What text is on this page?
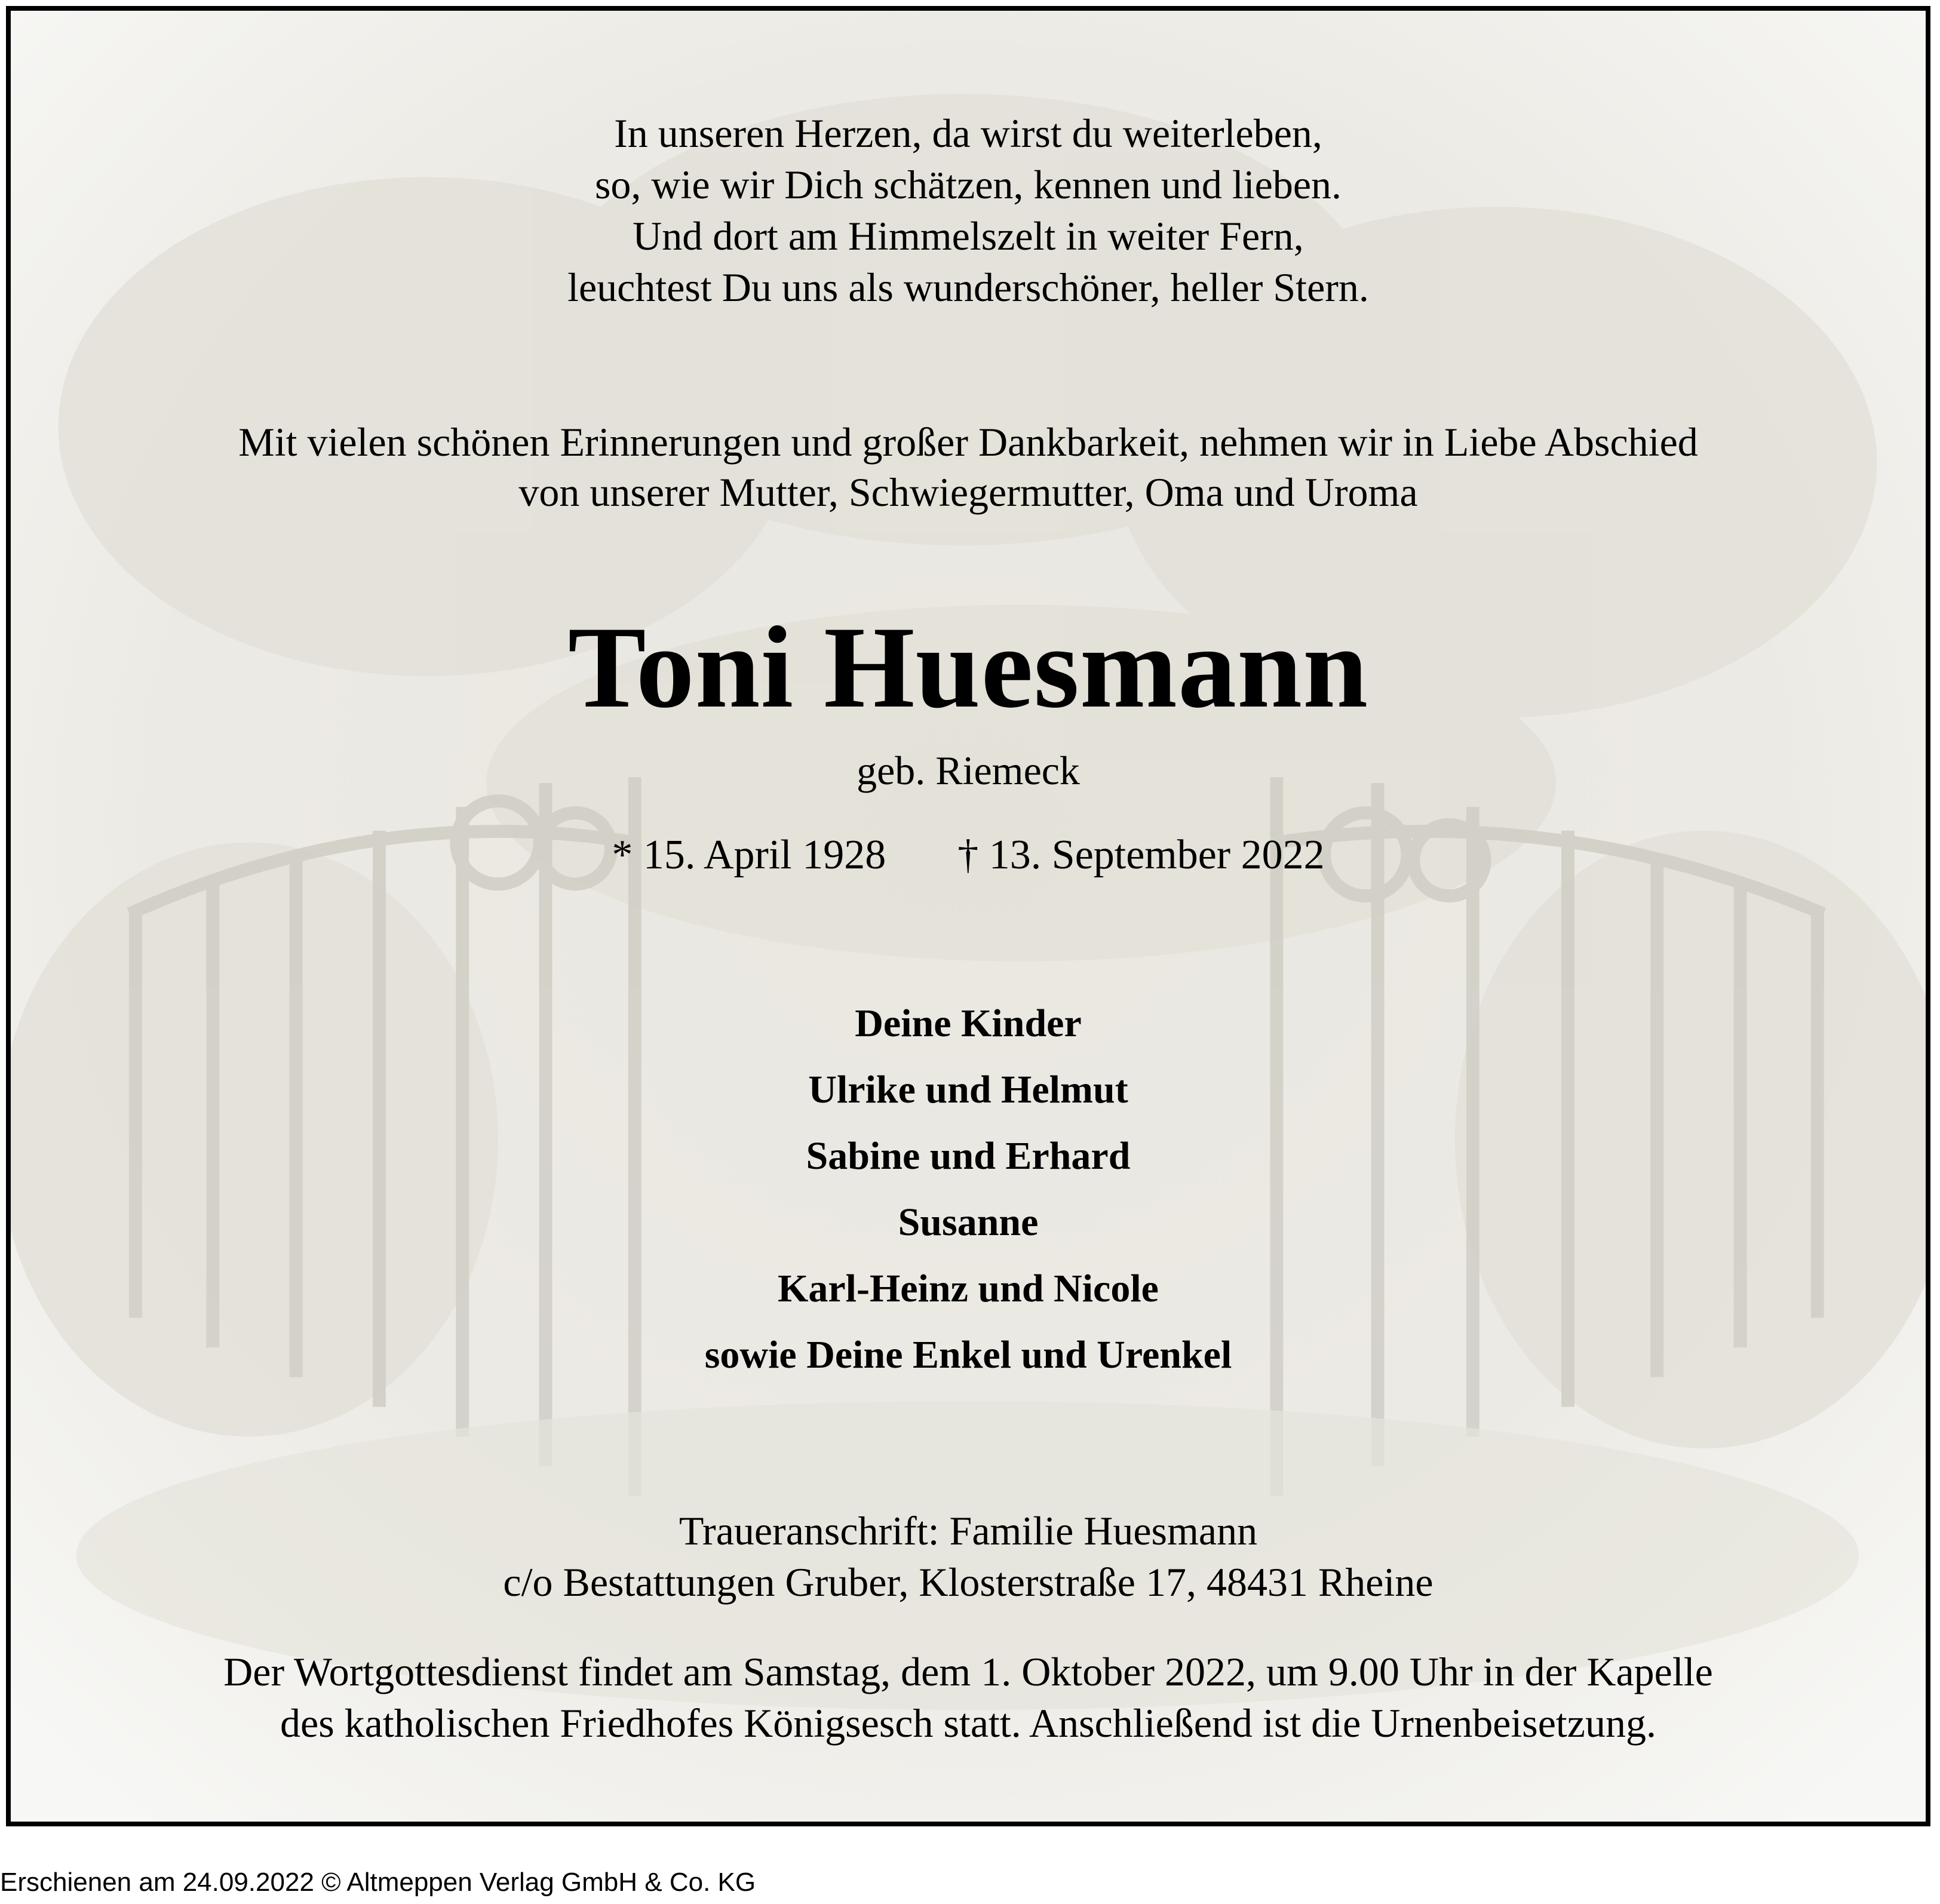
In unseren Herzen, da wirst du weiterleben,
so, wie wir Dich schätzen, kennen und lieben.
Und dort am Himmelszelt in weiter Fern,
leuchtest Du uns als wunderschöner, heller Stern.
Mit vielen schönen Erinnerungen und großer Dankbarkeit, nehmen wir in Liebe Abschied
von unserer Mutter, Schwiegermutter, Oma und Uroma
Toni Huesmann
geb. Riemeck
* 15. April 1928 † 13. September 2022
Deine Kinder
Ulrike und Helmut
Sabine und Erhard
Susanne
Karl-Heinz und Nicole
sowie Deine Enkel und Urenkel
Traueranschrift: Familie Huesmann
c/o Bestattungen Gruber, Klosterstraße 17, 48431 Rheine
Der Wortgottesdienst findet am Samstag, dem 1. Oktober 2022, um 9.00 Uhr in der Kapelle
des katholischen Friedhofes Königsesch statt. Anschließend ist die Urnenbeisetzung.
Erschienen am 24.09.2022 © Altmeppen Verlag GmbH & Co. KG
